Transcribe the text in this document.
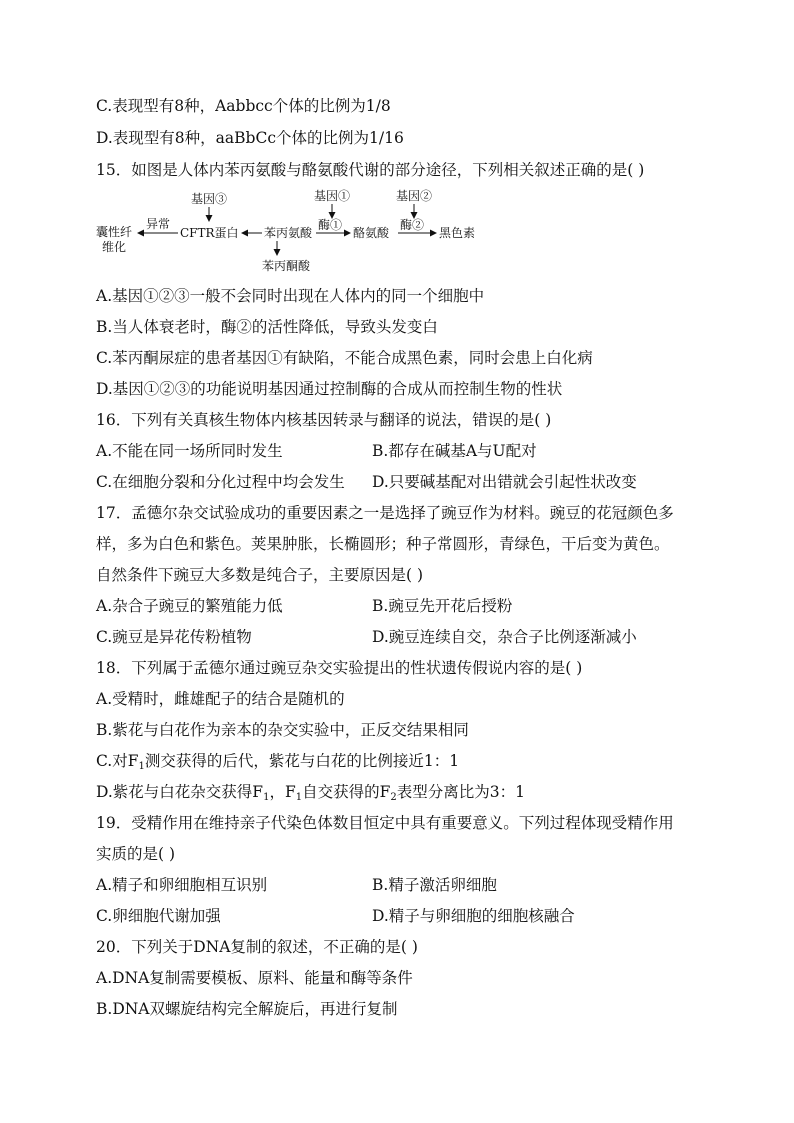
C.表现型有8种，Aabbcc个体的比例为1/8
D.表现型有8种，aaBbCc个体的比例为1/16
15．如图是人体内苯丙氨酸与酪氨酸代谢的部分途径，下列相关叙述正确的是( )
基因③	基因①	基因②
囊性纤
维化
异常
CFTR蛋白 苯丙氨酸
酶①
酪氨酸
酶②
黑色素
苯丙酮酸
A.基因①②③一般不会同时出现在人体内的同一个细胞中
B.当人体衰老时，酶②的活性降低，导致头发变白
C.苯丙酮尿症的患者基因①有缺陷，不能合成黑色素，同时会患上白化病
D.基因①②③的功能说明基因通过控制酶的合成从而控制生物的性状
16．下列有关真核生物体内核基因转录与翻译的说法，错误的是( )
A.不能在同一场所同时发生	B.都存在碱基A与U配对
C.在细胞分裂和分化过程中均会发生 D.只要碱基配对出错就会引起性状改变
17．孟德尔杂交试验成功的重要因素之一是选择了豌豆作为材料。豌豆的花冠颜色多
样，多为白色和紫色。荚果肿胀，长椭圆形；种子常圆形，青绿色，干后变为黄色。
自然条件下豌豆大多数是纯合子，主要原因是( )
A.杂合子豌豆的繁殖能力低	B.豌豆先开花后授粉
C.豌豆是异花传粉植物	D.豌豆连续自交，杂合子比例逐渐减小
18．下列属于孟德尔通过豌豆杂交实验提出的性状遗传假说内容的是( )
A.受精时，雌雄配子的结合是随机的
B.紫花与白花作为亲本的杂交实验中，正反交结果相同
C.对$F_1$测交获得的后代，紫花与白花的比例接近1：1
D.紫花与白花杂交获得$F_1$，$F_1$自交获得的$F_2$表型分离比为3：1
19．受精作用在维持亲子代染色体数目恒定中具有重要意义。下列过程体现受精作用
实质的是( )
A.精子和卵细胞相互识别	B.精子激活卵细胞
C.卵细胞代谢加强	D.精子与卵细胞的细胞核融合
20．下列关于DNA复制的叙述，不正确的是( )
A.DNA复制需要模板、原料、能量和酶等条件
B.DNA双螺旋结构完全解旋后，再进行复制
